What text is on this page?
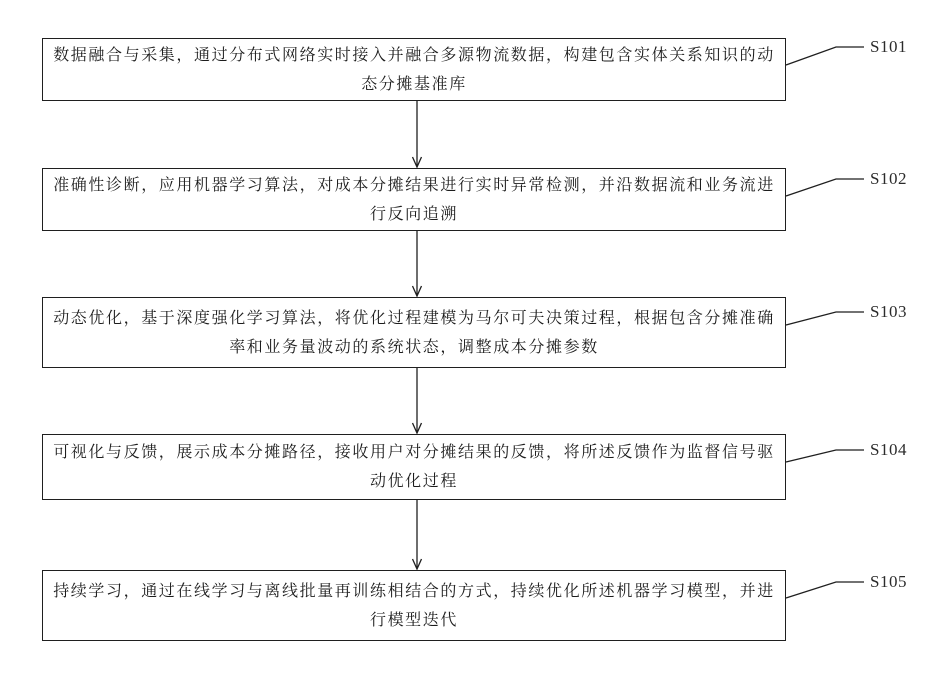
数据融合与采集，通过分布式网络实时接入并融合多源物流数据，构建包含实体关系知识的动态分摊基准库
准确性诊断，应用机器学习算法，对成本分摊结果进行实时异常检测，并沿数据流和业务流进行反向追溯
动态优化，基于深度强化学习算法，将优化过程建模为马尔可夫决策过程，根据包含分摊准确率和业务量波动的系统状态，调整成本分摊参数
可视化与反馈，展示成本分摊路径，接收用户对分摊结果的反馈，将所述反馈作为监督信号驱动优化过程
持续学习，通过在线学习与离线批量再训练相结合的方式，持续优化所述机器学习模型，并进行模型迭代
S101
S102
S103
S104
S105
